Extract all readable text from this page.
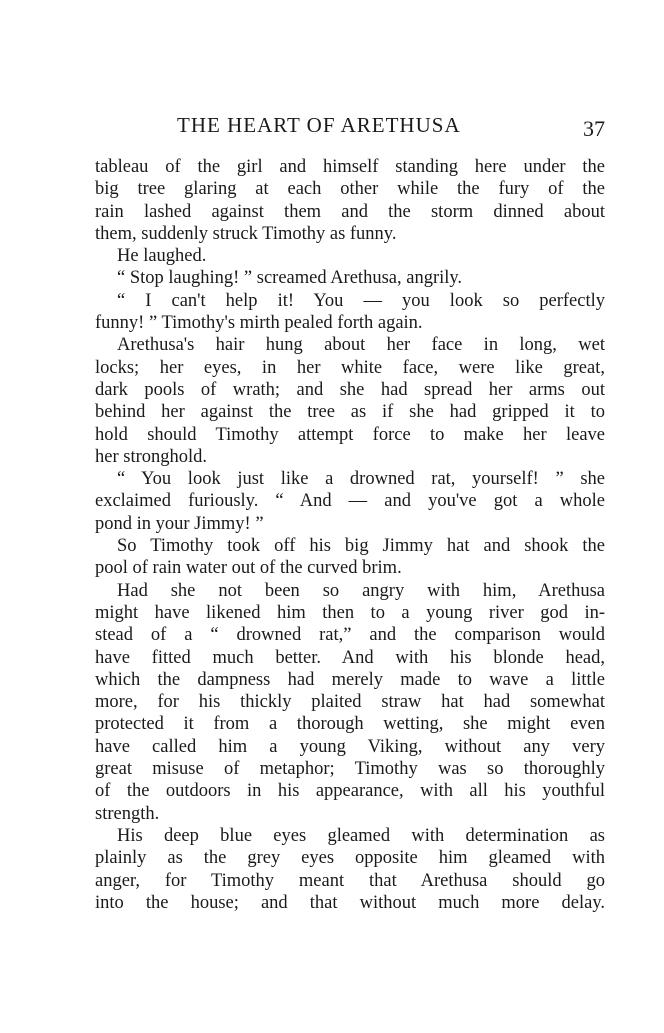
THE HEART OF ARETHUSA	37
tableau of the girl and himself standing here under the
big tree glaring at each other while the fury of the
rain lashed against them and the storm dinned about
them, suddenly struck Timothy as funny.
He laughed.
“ Stop laughing! ” screamed Arethusa, angrily.
“ I can't help it! You — you look so perfectly
funny! ” Timothy's mirth pealed forth again.
Arethusa's hair hung about her face in long, wet
locks; her eyes, in her white face, were like great,
dark pools of wrath; and she had spread her arms out
behind her against the tree as if she had gripped it to
hold should Timothy attempt force to make her leave
her stronghold.
“ You look just like a drowned rat, yourself! ” she
exclaimed furiously. “ And — and you've got a whole
pond in your Jimmy! ”
So Timothy took off his big Jimmy hat and shook the
pool of rain water out of the curved brim.
Had she not been so angry with him, Arethusa
might have likened him then to a young river god in-
stead of a “ drowned rat,” and the comparison would
have fitted much better. And with his blonde head,
which the dampness had merely made to wave a little
more, for his thickly plaited straw hat had somewhat
protected it from a thorough wetting, she might even
have called him a young Viking, without any very
great misuse of metaphor; Timothy was so thoroughly
of the outdoors in his appearance, with all his youthful
strength.
His deep blue eyes gleamed with determination as
plainly as the grey eyes opposite him gleamed with
anger, for Timothy meant that Arethusa should go
into the house; and that without much more delay.
